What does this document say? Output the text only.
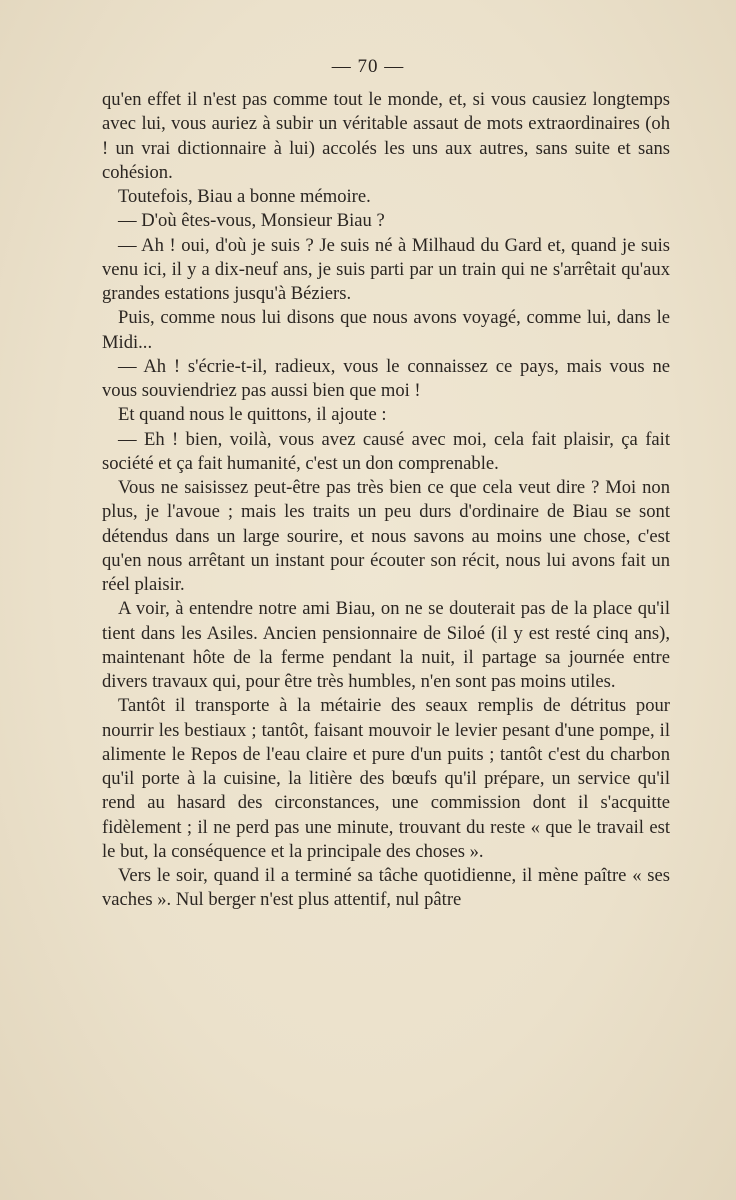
— 70 —

qu'en effet il n'est pas comme tout le monde, et, si vous causiez longtemps avec lui, vous auriez à subir un véritable assaut de mots extraordinaires (oh ! un vrai dictionnaire à lui) accolés les uns aux autres, sans suite et sans cohésion.

Toutefois, Biau a bonne mémoire.

— D'où êtes-vous, Monsieur Biau ?

— Ah ! oui, d'où je suis ? Je suis né à Milhaud du Gard et, quand je suis venu ici, il y a dix-neuf ans, je suis parti par un train qui ne s'arrêtait qu'aux grandes estations jusqu'à Béziers.

Puis, comme nous lui disons que nous avons voyagé, comme lui, dans le Midi...

— Ah ! s'écrie-t-il, radieux, vous le connaissez ce pays, mais vous ne vous souviendriez pas aussi bien que moi !

Et quand nous le quittons, il ajoute :

— Eh ! bien, voilà, vous avez causé avec moi, cela fait plaisir, ça fait société et ça fait humanité, c'est un don comprenable.

Vous ne saisissez peut-être pas très bien ce que cela veut dire ? Moi non plus, je l'avoue ; mais les traits un peu durs d'ordinaire de Biau se sont détendus dans un large sourire, et nous savons au moins une chose, c'est qu'en nous arrêtant un instant pour écouter son récit, nous lui avons fait un réel plaisir.

A voir, à entendre notre ami Biau, on ne se douterait pas de la place qu'il tient dans les Asiles. Ancien pensionnaire de Siloé (il y est resté cinq ans), maintenant hôte de la ferme pendant la nuit, il partage sa journée entre divers travaux qui, pour être très humbles, n'en sont pas moins utiles.

Tantôt il transporte à la métairie des seaux remplis de détritus pour nourrir les bestiaux ; tantôt, faisant mouvoir le levier pesant d'une pompe, il alimente le Repos de l'eau claire et pure d'un puits ; tantôt c'est du charbon qu'il porte à la cuisine, la litière des bœufs qu'il prépare, un service qu'il rend au hasard des circonstances, une commission dont il s'acquitte fidèlement ; il ne perd pas une minute, trouvant du reste « que le travail est le but, la conséquence et la principale des choses ».

Vers le soir, quand il a terminé sa tâche quotidienne, il mène paître « ses vaches ». Nul berger n'est plus attentif, nul pâtre
